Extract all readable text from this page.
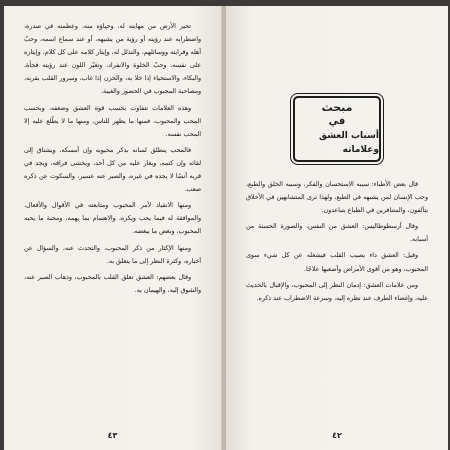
تحير الأرض من مهابته له، وحياؤه منه، وعظمته في صدره، واضطرابه عند رؤيته أو رؤية من يشبهه، أو عند سماع اسمه، وحبّ أهله وقرابته ووسائلهم، والتذلل له، وإيثار كلامه على كل كلام، وإيثاره على نفسه، وحبّ الخلوة والانفراد، وتغيّر اللون عند رؤيته فجأة، والبكاء، والاستحياء إذا خلا به، والحزن إذا غاب، وسرور القلب بقربه، ومصاحبة المحبوب في الحضور والغيبة.

وهذه العلامات تتفاوت بحسب قوة العشق وضعفه، وبحسب المحب والمحبوب، فمنها ما يظهر للناس، ومنها ما لا يطّلع عليه إلا المحب نفسه.

فالمحب ينطلق لسانه بذكر محبوبه وإن أمسكه، ويشتاق إلى لقائه وإن كتمه، ويغار عليه من كل أحد، ويخشى فراقه، ويجد في قربه أنسًا لا يجده في غيره، والصبر عنه عسير، والسكوت عن ذكره صعب.

ومنها الانقياد لأمر المحبوب ومتابعته في الأقوال والأفعال، والموافقة له فيما يحب ويكره، والاهتمام بما يهمه، ومحبة ما يحبه المحبوب، وبغض ما يبغضه.

ومنها الإكثار من ذكر المحبوب، والتحدث عنه، والسؤال عن أخباره، وكثرة النظر إلى ما يتعلق به.

وقال بعضهم: العشق تعلق القلب بالمحبوب، وذهاب الصبر عنه، والشوق إليه، والهيمان به.

٤٣
مبحث
في
أسباب العشق وعلاماته

قال بعض الأطباء: سببه الاستحسان والفكر، وسببه الخلق والطبع، وحب الإنسان لمن يشبهه في الطبع، ولهذا ترى المتشابهين في الأخلاق يتآلفون، والمتنافرين في الطباع يتباعدون.

وقال أرسطوطاليس: العشق من النفس، والصورة الحسنة من أسبابه.

وقيل: العشق داء يصيب القلب فيشغله عن كل شيء سوى المحبوب، وهو من أقوى الأمراض وأصعبها علاجًا.

ومن علامات العشق: إدمان النظر إلى المحبوب، والإقبال بالحديث عليه، وإغضاء الطرف عند نظره إليه، وسرعة الاضطراب عند ذكره.

٤٢
